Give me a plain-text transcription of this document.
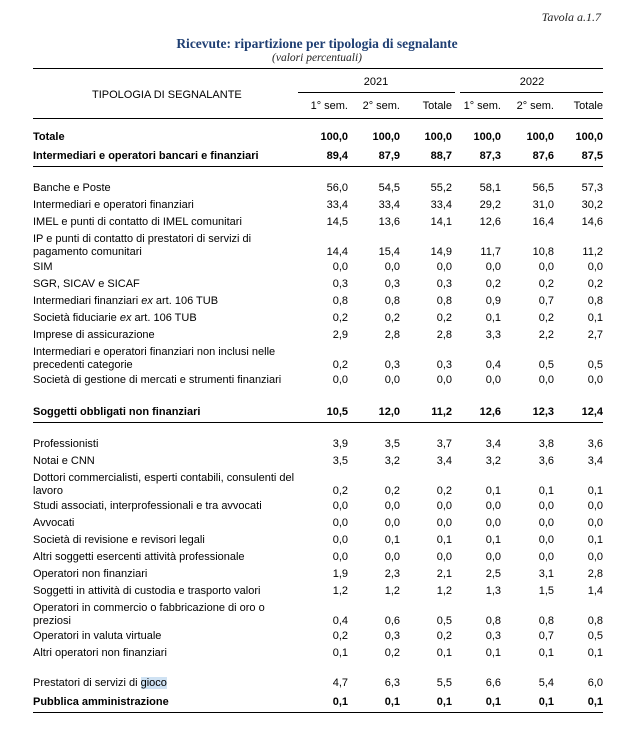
Tavola a.1.7
Ricevute: ripartizione per tipologia di segnalante
(valori percentuali)
TIPOLOGIA DI SEGNALANTE
2021	2022
1° sem. 2° sem. Totale 1° sem. 2° sem. Totale
Totale	100,0	100,0	100,0	100,0	100,0	100,0
Intermediari e operatori bancari e finanziari	89,4	87,9	88,7	87,3	87,6	87,5

Banche e Poste	56,0	54,5	55,2	58,1	56,5	57,3
Intermediari e operatori finanziari	33,4	33,4	33,4	29,2	31,0	30,2
IMEL e punti di contatto di IMEL comunitari	14,5	13,6	14,1	12,6	16,4	14,6
IP e punti di contatto di prestatori di servizi di pagamento comunitari	14,4	15,4	14,9	11,7	10,8	11,2
SIM	0,0	0,0	0,0	0,0	0,0	0,0
SGR, SICAV e SICAF	0,3	0,3	0,3	0,2	0,2	0,2
Intermediari finanziari ex art. 106 TUB	0,8	0,8	0,8	0,9	0,7	0,8
Società fiduciarie ex art. 106 TUB	0,2	0,2	0,2	0,1	0,2	0,1
Imprese di assicurazione	2,9	2,8	2,8	3,3	2,2	2,7
Intermediari e operatori finanziari non inclusi nelle precedenti categorie	0,2	0,3	0,3	0,4	0,5	0,5
Società di gestione di mercati e strumenti finanziari	0,0	0,0	0,0	0,0	0,0	0,0

Soggetti obbligati non finanziari	10,5	12,0	11,2	12,6	12,3	12,4

Professionisti	3,9	3,5	3,7	3,4	3,8	3,6
Notai e CNN	3,5	3,2	3,4	3,2	3,6	3,4
Dottori commercialisti, esperti contabili, consulenti del lavoro	0,2	0,2	0,2	0,1	0,1	0,1
Studi associati, interprofessionali e tra avvocati	0,0	0,0	0,0	0,0	0,0	0,0
Avvocati	0,0	0,0	0,0	0,0	0,0	0,0
Società di revisione e revisori legali	0,0	0,1	0,1	0,1	0,0	0,1
Altri soggetti esercenti attività professionale	0,0	0,0	0,0	0,0	0,0	0,0
Operatori non finanziari	1,9	2,3	2,1	2,5	3,1	2,8
Soggetti in attività di custodia e trasporto valori	1,2	1,2	1,2	1,3	1,5	1,4
Operatori in commercio o fabbricazione di oro o preziosi	0,4	0,6	0,5	0,8	0,8	0,8
Operatori in valuta virtuale	0,2	0,3	0,2	0,3	0,7	0,5
Altri operatori non finanziari	0,1	0,2	0,1	0,1	0,1	0,1

Prestatori di servizi di gioco	4,7	6,3	5,5	6,6	5,4	6,0
Pubblica amministrazione	0,1	0,1	0,1	0,1	0,1	0,1
